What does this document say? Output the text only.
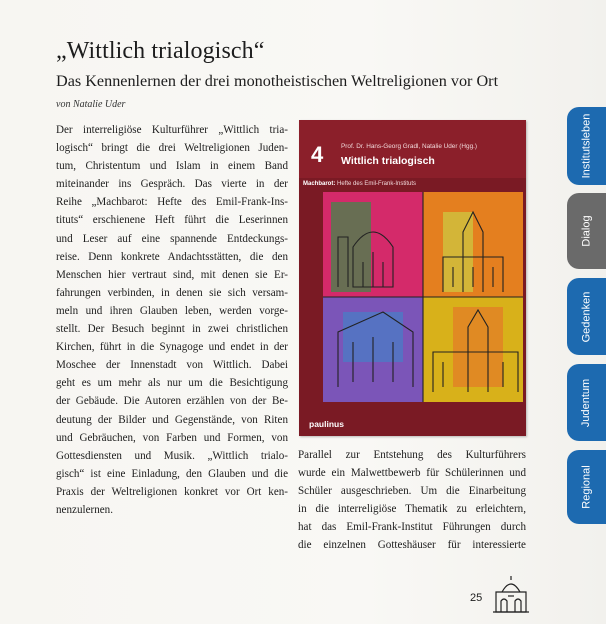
„Wittlich trialogisch“
Das Kennenlernen der drei monotheistischen Weltreligionen vor Ort
von Natalie Uder

Der interreligiöse Kulturführer „Wittlich tria-
logisch“ bringt die drei Weltreligionen Juden-
tum, Christentum und Islam in einem Band
miteinander ins Gespräch. Das vierte in der
Reihe „Machbarot: Hefte des Emil-Frank-Ins-
tituts“ erschienene Heft führt die Leserinnen
und Leser auf eine spannende Entdeckungs-
reise. Denn konkrete Andachtsstätten, die den
Menschen hier vertraut sind, mit denen sie Er-
fahrungen verbinden, in denen sie sich versam-
meln und ihren Glauben leben, werden vorge-
stellt. Der Besuch beginnt in zwei christlichen
Kirchen, führt in die Synagoge und endet in der
Moschee der Innenstadt von Wittlich. Dabei
geht es um mehr als nur um die Besichtigung
der Gebäude. Die Autoren erzählen von der Be-
deutung der Bilder und Gegenstände, von Riten
und Gebräuchen, von Farben und Formen, von
Gottesdiensten und Musik. „Wittlich trialo-
gisch“ ist eine Einladung, den Glauben und die
Praxis der Weltreligionen konkret vor Ort ken-
nenzulernen.

4	Prof. Dr. Hans-Georg Gradl, Natalie Uder (Hgg.)
Wittlich trialogisch
Machbarot: Hefte des Emil-Frank-Instituts
paulinus

Parallel zur Entstehung des Kulturführers
wurde ein Malwettbewerb für Schülerinnen und
Schüler ausgeschrieben. Um die Einarbeitung
in die interreligiöse Thematik zu erleichtern,
hat das Emil-Frank-Institut Führungen durch
die einzelnen Gotteshäuser für interessierte

Institutsleben
Dialog
Gedenken
Judentum
Regional
25
